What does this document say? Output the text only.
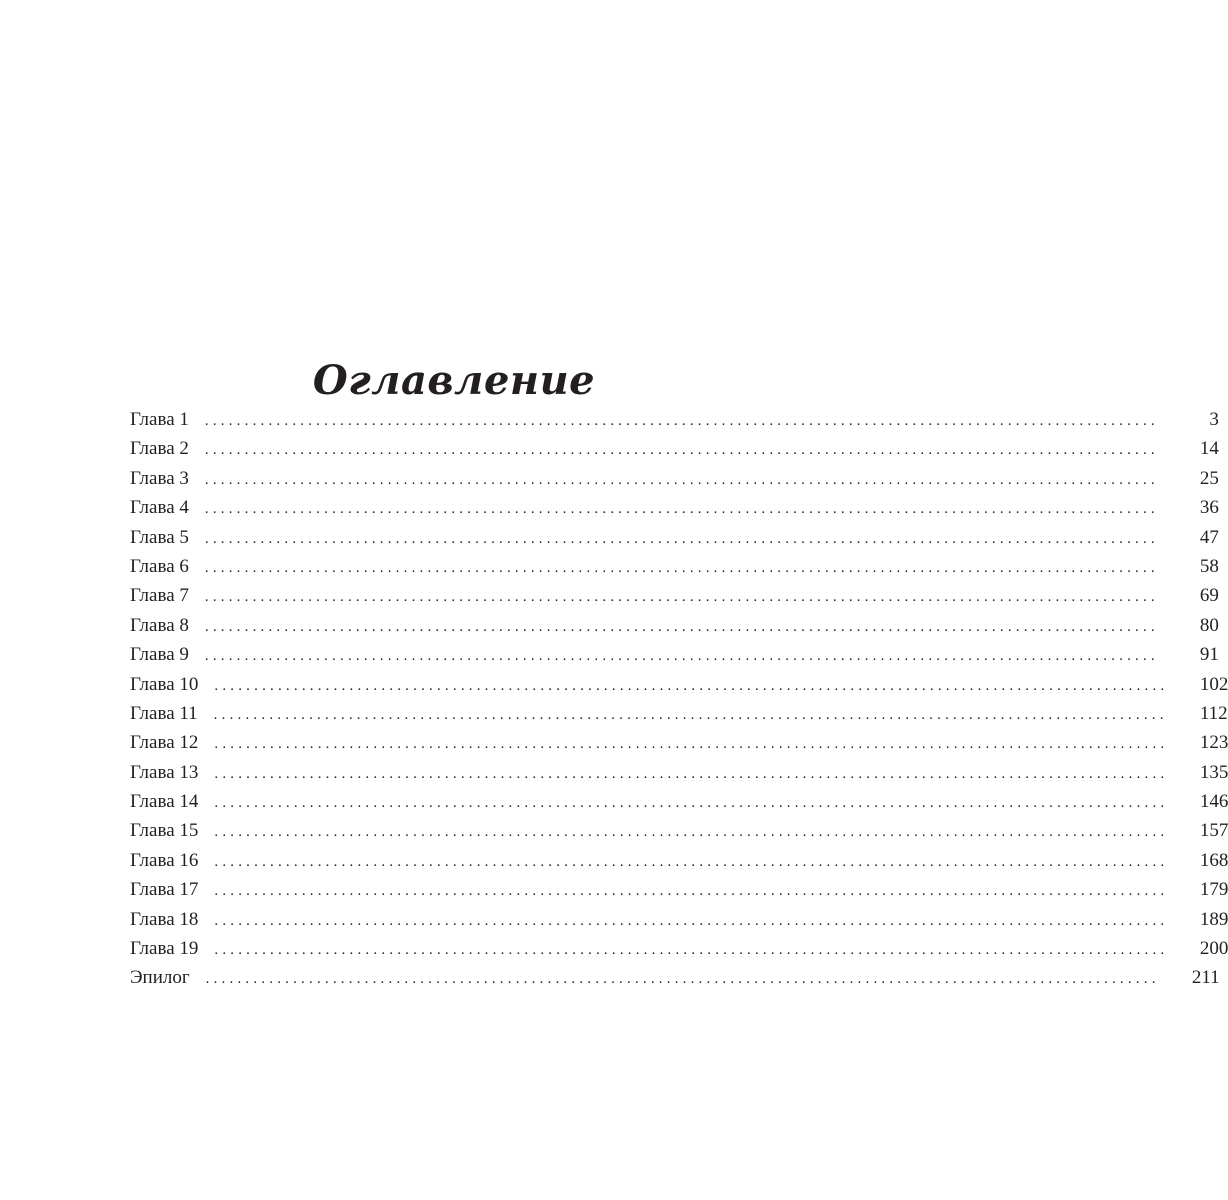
Оглавление
Глава 1 ........................................................................................................................	3
Глава 2 ........................................................................................................................	14
Глава 3 ........................................................................................................................	25
Глава 4 ........................................................................................................................	36
Глава 5 ........................................................................................................................	47
Глава 6 ........................................................................................................................	58
Глава 7 ........................................................................................................................	69
Глава 8 ........................................................................................................................	80
Глава 9 ........................................................................................................................	91
Глава 10 ........................................................................................................................	102
Глава 11 ........................................................................................................................	112
Глава 12 ........................................................................................................................	123
Глава 13 ........................................................................................................................	135
Глава 14 ........................................................................................................................	146
Глава 15 ........................................................................................................................	157
Глава 16 ........................................................................................................................	168
Глава 17 ........................................................................................................................	179
Глава 18 ........................................................................................................................	189
Глава 19 ........................................................................................................................	200
Эпилог ........................................................................................................................	211
